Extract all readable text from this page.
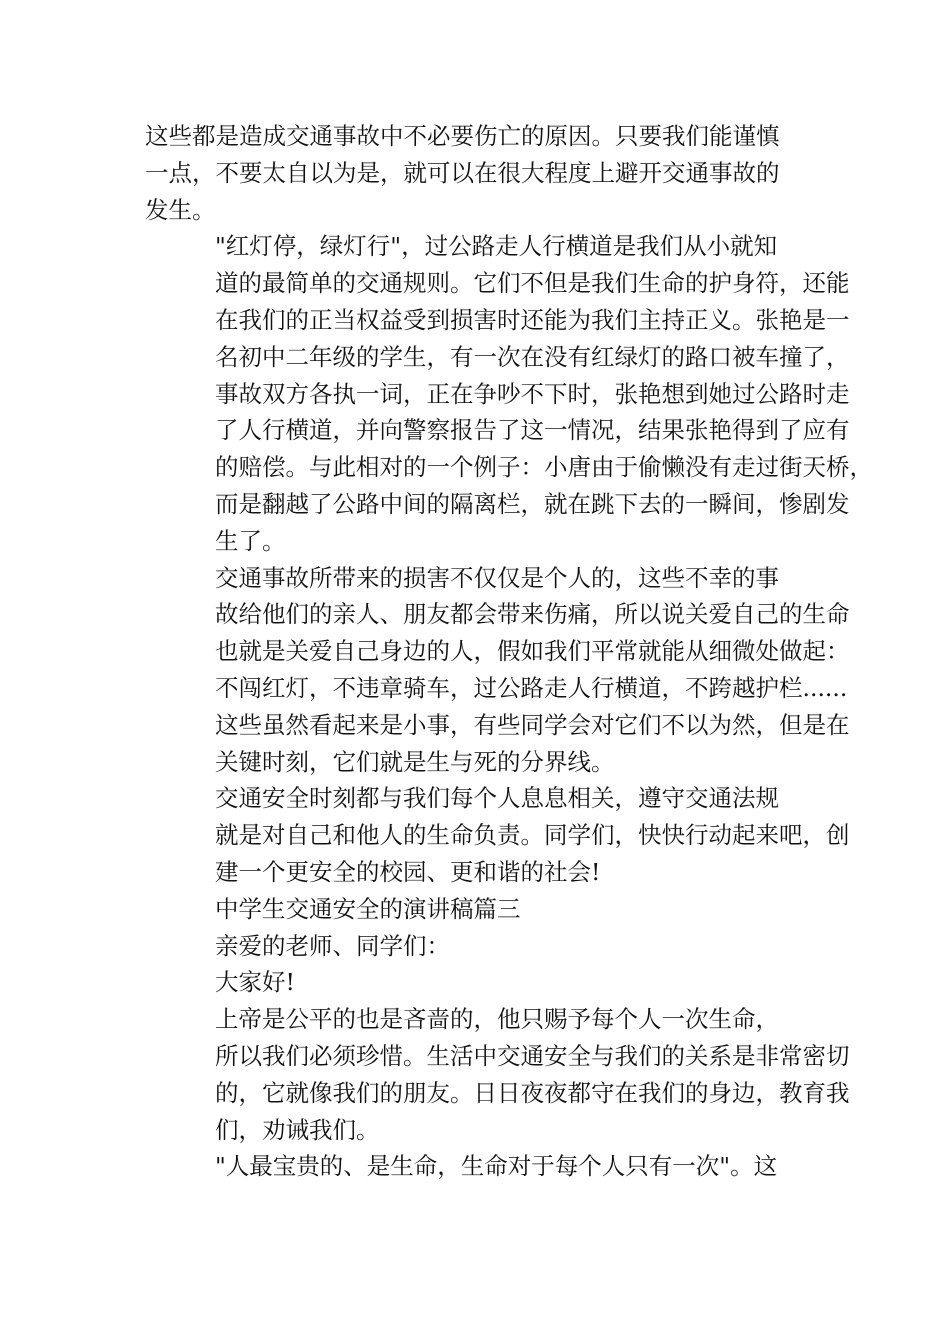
这些都是造成交通事故中不必要伤亡的原因。只要我们能谨慎
一点，不要太自以为是，就可以在很大程度上避开交通事故的
发生。

"红灯停，绿灯行"，过公路走人行横道是我们从小就知
道的最简单的交通规则。它们不但是我们生命的护身符，还能
在我们的正当权益受到损害时还能为我们主持正义。张艳是一
名初中二年级的学生，有一次在没有红绿灯的路口被车撞了，
事故双方各执一词，正在争吵不下时，张艳想到她过公路时走
了人行横道，并向警察报告了这一情况，结果张艳得到了应有
的赔偿。与此相对的一个例子：小唐由于偷懒没有走过街天桥，
而是翻越了公路中间的隔离栏，就在跳下去的一瞬间，惨剧发
生了。

交通事故所带来的损害不仅仅是个人的，这些不幸的事
故给他们的亲人、朋友都会带来伤痛，所以说关爱自己的生命
也就是关爱自己身边的人，假如我们平常就能从细微处做起：
不闯红灯，不违章骑车，过公路走人行横道，不跨越护栏......
这些虽然看起来是小事，有些同学会对它们不以为然，但是在
关键时刻，它们就是生与死的分界线。

交通安全时刻都与我们每个人息息相关，遵守交通法规
就是对自己和他人的生命负责。同学们，快快行动起来吧，创
建一个更安全的校园、更和谐的社会!

中学生交通安全的演讲稿篇三

亲爱的老师、同学们：

大家好!

上帝是公平的也是吝啬的，他只赐予每个人一次生命，
所以我们必须珍惜。生活中交通安全与我们的关系是非常密切
的，它就像我们的朋友。日日夜夜都守在我们的身边，教育我
们，劝诫我们。

"人最宝贵的、是生命，生命对于每个人只有一次"。这
